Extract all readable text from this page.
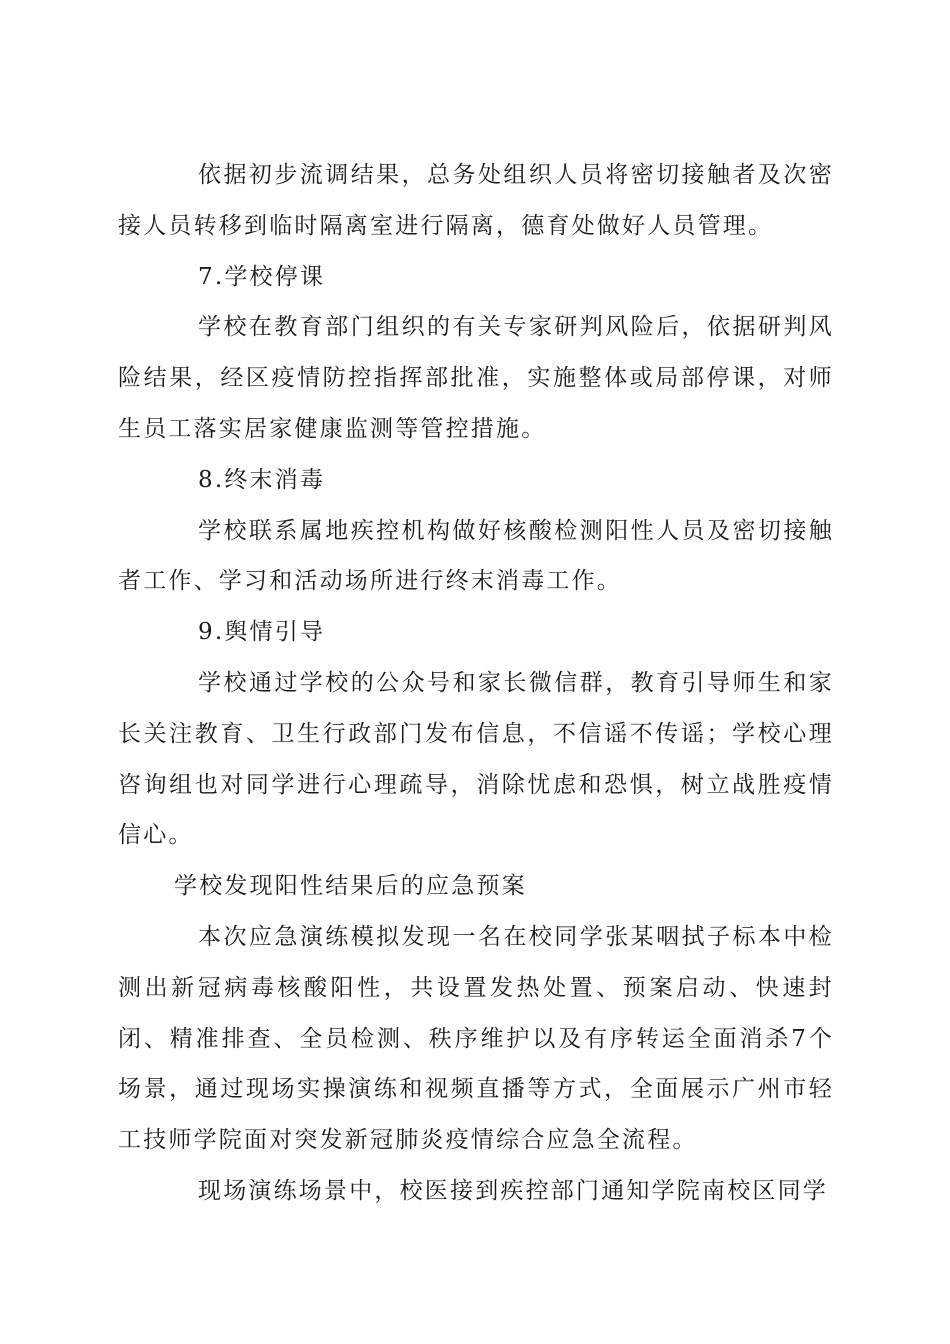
依据初步流调结果，总务处组织人员将密切接触者及次密接人员转移到临时隔离室进行隔离，德育处做好人员管理。

7.学校停课

学校在教育部门组织的有关专家研判风险后，依据研判风险结果，经区疫情防控指挥部批准，实施整体或局部停课，对师生员工落实居家健康监测等管控措施。

8.终末消毒

学校联系属地疾控机构做好核酸检测阳性人员及密切接触者工作、学习和活动场所进行终末消毒工作。

9.舆情引导

学校通过学校的公众号和家长微信群，教育引导师生和家长关注教育、卫生行政部门发布信息，不信谣不传谣；学校心理咨询组也对同学进行心理疏导，消除忧虑和恐惧，树立战胜疫情信心。

学校发现阳性结果后的应急预案

本次应急演练模拟发现一名在校同学张某咽拭子标本中检测出新冠病毒核酸阳性，共设置发热处置、预案启动、快速封闭、精准排查、全员检测、秩序维护以及有序转运全面消杀7个场景，通过现场实操演练和视频直播等方式，全面展示广州市轻工技师学院面对突发新冠肺炎疫情综合应急全流程。

现场演练场景中，校医接到疾控部门通知学院南校区同学
